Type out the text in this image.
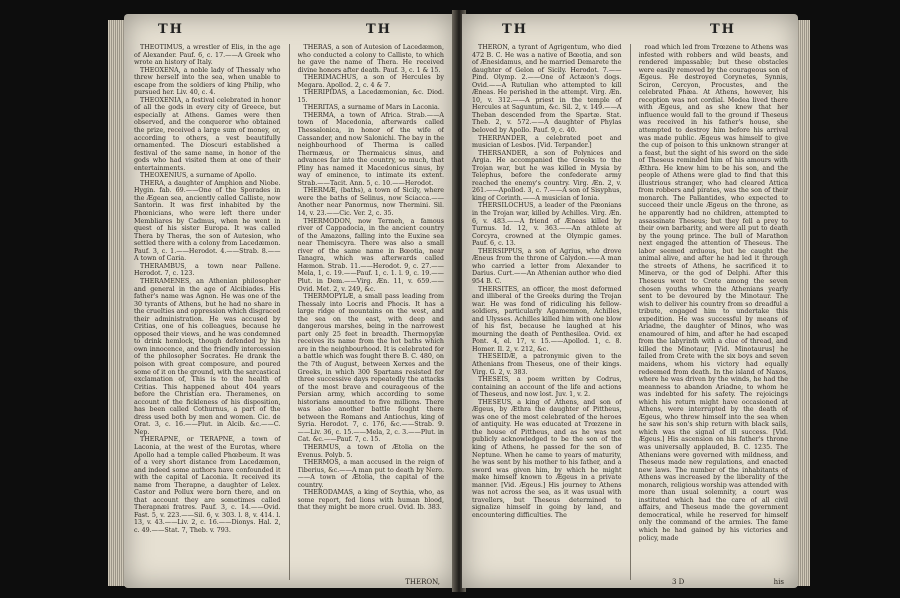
TH	TH

THEOTIMUS, a wrestler of Elis, in the age of Alexander. Pauf. 6, c. 17.——A Greek who wrote an history of Italy.

THEOXENA, a noble lady of Thessaly who threw herself into the sea, when unable to escape from the soldiers of king Philip, who pursued her. Liv. 40, c. 4.

THEOXENIA, a festival celebrated in honor of all the gods in every city of Greece, but especially at Athens. Games were then observed, and the conqueror who obtained the prize, received a large sum of money, or, according to others, a vest beautifully ornamented. The Dioscuri established a festival of the same name, in honor of the gods who had visited them at one of their entertainments.

THEOXENIUS, a surname of Apollo.

THERA, a daughter of Amphion and Niobe. Hygin. fab. 69.——One of the Sporades in the Ægean sea, anciently called Calliste, now Santorin. It was first inhabited by the Phœnicians, who were left there under Membliares by Cadmus, when he went in quest of his sister Europa. It was called Thera by Theras, the son of Autesion, who settled there with a colony from Lacedæmon. Pauf. 3, c. 1.——Herodot. 4.——Strab. 8.——A town of Caria.

THERAMBUS, a town near Pallene. Herodot. 7, c. 123.

THERAMENES, an Athenian philosopher and general in the age of Alcibiades. His father's name was Agnon. He was one of the 30 tyrants of Athens, but he had no share in the cruelties and oppression which disgraced their administration. He was accused by Critias, one of his colleagues, because he opposed their views, and he was condemned to drink hemlock, though defended by his own innocence, and the friendly intercession of the philosopher Socrates. He drank the poison with great composure, and poured some of it on the ground, with the sarcastical exclamation of, This is to the health of Critias. This happened about 404 years before the Christian era. Theramenes, on account of the fickleness of his disposition, has been called Cothurnus, a part of the dress used both by men and women. Cic. de Orat. 3, c. 16.——Plut. in Alcib. &c.——C. Nep.

THERAPNE, or TERAPNE, a town of Laconia, at the west of the Eurotas, where Apollo had a temple called Phœbeum. It was of a very short distance from Lacedæmon, and indeed some authors have confounded it with the capital of Laconia. It received its name from Therapne, a daughter of Lelex. Castor and Pollux were born there, and on that account they are sometimes called Therapnæi fratres. Pauf. 3, c. 14.——Ovid. Fast. 5, v. 223.——Sil. 6, v. 303. l. 8, v. 414. l. 13, v. 43.——Liv. 2, c. 16.——Dionys. Hal. 2, c. 49.——Stat. 7, Theb. v. 793.

THERAS, a son of Autesion of Lacedæmon, who conducted a colony to Calliste, to which he gave the name of Thera. He received divine honors after death. Pauf. 3, c. 1 & 15.

THERIMACHUS, a son of Hercules by Megara. Apollod. 2, c. 4 & 7.

THERIPIDAS, a Lacedæmonian, &c. Diod. 15.

THERITAS, a surname of Mars in Laconia.

THERMA, a town of Africa. Strab.——A town of Macedonia, afterwards called Thessalonica, in honor of the wife of Cassander, and now Salonichi. The bay in the neighbourhood of Therma is called Thermæus, or Thermaicus sinus, and advances far into the country, so much, that Pliny has named it Macedonicus sinus, by way of eminence, to intimate its extent. Strab.——Tacit. Ann. 5, c. 10.——Herodot.

THERMÆ, (baths), a town of Sicily, where were the baths of Selinus, now Sciacca.——Another near Panormus, now Thermini. Sil. 14, v. 23.——Cic. Ver. 2, c. 35.

THERMODON, now Termeh, a famous river of Cappadocia, in the ancient country of the Amazons, falling into the Euxine sea near Themiscyra. There was also a small river of the same name in Bœotia, near Tanagra, which was afterwards called Hæmon. Strab. 11.——Herodot. 9, c. 27.——Mela, 1, c. 19.——Pauf. 1, c. 1. l. 9, c. 19.——Plut. in Dem.——Virg. Æn. 11, v. 659.——Ovid. Met. 2, v. 249, &c.

THERMOPYLÆ, a small pass leading from Thessaly into Locris and Phocis. It has a large ridge of mountains on the west, and the sea on the east, with deep and dangerous marshes, being in the narrowest part only 25 feet in breadth. Thermopylæ receives its name from the hot baths which are in the neighbourhood. It is celebrated for a battle which was fought there B. C. 480, on the 7th of August, between Xerxes and the Greeks, in which 300 Spartans resisted for three successive days repeatedly the attacks of the most brave and courageous of the Persian army, which according to some historians amounted to five millions. There was also another battle fought there between the Romans and Antiochus, king of Syria. Herodot. 7, c. 176, &c.——Strab. 9.——Liv. 36, c. 15.——Mela, 2, c. 3.——Plut. in Cat. &c.——Pauf. 7, c. 15.

THERMUS, a town of Ætolia on the Evenus. Polyb. 5.

THERMOS, a man accused in the reign of Tiberius, &c.——A man put to death by Nero.——A town of Ætolia, the capital of the country.

THERODAMAS, a king of Scythia, who, as some report, fed lions with human blood, that they might be more cruel. Ovid. Ib. 383.

THERON,
TH	TH

THERON, a tyrant of Agrigentum, who died 472 B. C. He was a native of Bœotia, and son of Ænesidamus, and he married Demarete the daughter of Gelon of Sicily. Herodot. 7.——Pind. Olymp. 2.——One of Actæon's dogs. Ovid.——A Rutulian who attempted to kill Æneas. He perished in the attempt. Virg. Æn. 10, v. 312.——A priest in the temple of Hercules at Saguntum, &c. Sil. 2, v. 149.——A Theban descended from the Spartæ. Stat. Theb. 2, v. 572.——A daughter of Phylas beloved by Apollo. Pauf. 9, c. 40.

THERPANDER, a celebrated poet and musician of Lesbos. [Vid. Terpander.]

THERSANDER, a son of Polynices and Argia. He accompanied the Greeks to the Trojan war, but he was killed in Mysia by Telephus, before the confederate army reached the enemy's country. Virg. Æn. 2, v. 261.——Apollod. 3, c. 7.——A son of Sisyphus, king of Corinth.——A musician of Ionia.

THERSILOCHUS, a leader of the Pæonians in the Trojan war, killed by Achilles. Virg. Æn. 6, v. 483.——A friend of Æneas killed by Turnus. Id. 12, v. 363.——An athlete at Corcyra, crowned at the Olympic games. Pauf. 6, c. 13.

THERSIPPUS, a son of Agrius, who drove Æneus from the throne of Calydon.——A man who carried a letter from Alexander to Darius. Curt.——An Athenian author who died 954 B. C.

THERSITES, an officer, the most deformed and illiberal of the Greeks during the Trojan war. He was fond of ridiculing his fellow-soldiers, particularly Agamemnon, Achilles, and Ulysses. Achilles killed him with one blow of his fist, because he laughed at his mourning the death of Penthesilea. Ovid. ex Pont. 4, el. 17, v. 15.——Apollod. 1, c. 8. Homer. Il. 2, v. 212, &c.

THESEIDÆ, a patronymic given to the Athenians from Theseus, one of their kings. Virg. G. 2, v. 383.

THESEIS, a poem written by Codrus, containing an account of the life and actions of Theseus, and now lost. Juv. 1, v. 2.

THESEUS, a king of Athens, and son of Ægeus, by Æthra the daughter of Pittheus, was one of the most celebrated of the heroes of antiquity. He was educated at Trœzene in the house of Pittheus, and as he was not publicly acknowledged to be the son of the king of Athens, he passed for the son of Neptune. When he came to years of maturity, he was sent by his mother to his father, and a sword was given him, by which he might make himself known to Ægeus in a private manner. [Vid. Ægeus.] His journey to Athens was not across the sea, as it was usual with travellers, but Theseus determined to signalize himself in going by land, and encountering difficulties. The

road which led from Trœzene to Athens was infested with robbers and wild beasts, and rendered impassable; but these obstacles were easily removed by the courageous son of Ægeus. He destroyed Corynetes, Synnis, Sciron, Cercyon, Procustes, and the celebrated Phæa. At Athens, however, his reception was not cordial. Medea lived there with Ægeus, and as she knew that her influence would fall to the ground if Theseus was received in his father's house, she attempted to destroy him before his arrival was made public. Ægeus was himself to give the cup of poison to this unknown stranger at a feast, but the sight of his sword on the side of Theseus reminded him of his amours with Æthra. He knew him to be his son, and the people of Athens were glad to find that this illustrious stranger, who had cleared Attica from robbers and pirates, was the son of their monarch. The Pallantides, who expected to succeed their uncle Ægeus on the throne, as he apparently had no children, attempted to assassinate Theseus; but they fell a prey to their own barbarity, and were all put to death by the young prince. The bull of Marathon next engaged the attention of Theseus. The labor seemed arduous, but he caught the animal alive, and after he had led it through the streets of Athens, he sacrificed it to Minerva, or the god of Delphi. After this Theseus went to Crete among the seven chosen youths whom the Athenians yearly sent to be devoured by the Minotaur. The wish to deliver his country from so dreadful a tribute, engaged him to undertake this expedition. He was successful by means of Ariadne, the daughter of Minos, who was enamoured of him, and after he had escaped from the labyrinth with a clue of thread, and killed the Minotaur, [Vid. Minotaurus] he failed from Crete with the six boys and seven maidens, whom his victory had equally redeemed from death. In the island of Naxos, where he was driven by the winds, he had the meanness to abandon Ariadne, to whom he was indebted for his safety. The rejoicings which his return might have occasioned at Athens, were interrupted by the death of Ægeus, who threw himself into the sea when he saw his son's ship return with black sails, which was the signal of ill success. [Vid. Ægeus.] His ascension on his father's throne was universally applauded, B. C. 1235. The Athenians were governed with mildness, and Theseus made new regulations, and enacted new laws. The number of the inhabitants of Athens was increased by the liberality of the monarch, religious worship was attended with more than usual solemnity, a court was instituted which had the care of all civil affairs, and Theseus made the government democratical, while he reserved for himself only the command of the armies. The fame which he had gained by his victories and policy, made

3 D	his
